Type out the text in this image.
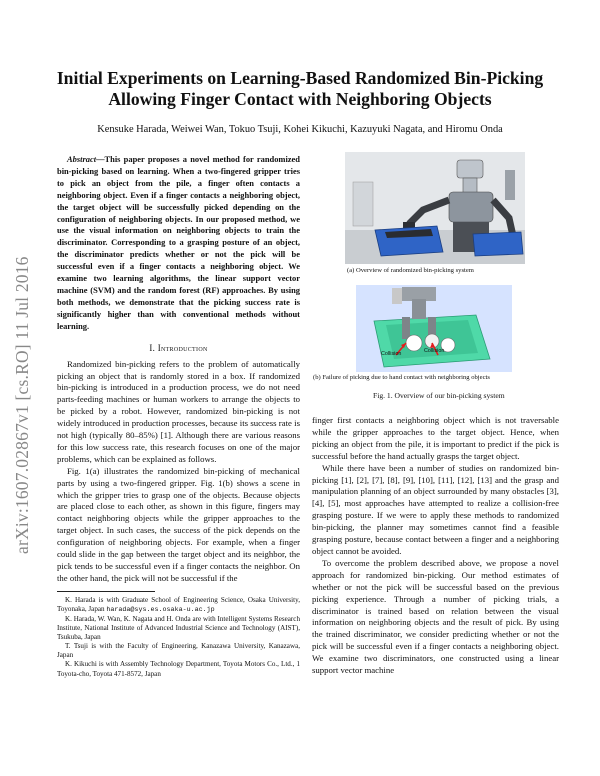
arXiv:1607.02867v1 [cs.RO] 11 Jul 2016
Initial Experiments on Learning-Based Randomized Bin-Picking
Allowing Finger Contact with Neighboring Objects
Kensuke Harada, Weiwei Wan, Tokuo Tsuji, Kohei Kikuchi, Kazuyuki Nagata, and Hiromu Onda

Abstract—This paper proposes a novel method for randomized bin-picking based on learning. When a two-fingered gripper tries to pick an object from the pile, a finger often contacts a neighboring object. Even if a finger contacts a neighboring object, the target object will be successfully picked depending on the configuration of neighboring objects. In our proposed method, we use the visual information on neighboring objects to train the discriminator. Corresponding to a grasping posture of an object, the discriminator predicts whether or not the pick will be successful even if a finger contacts a neighboring object. We examine two learning algorithms, the linear support vector machine (SVM) and the random forest (RF) approaches. By using both methods, we demonstrate that the picking success rate is significantly higher than with conventional methods without learning.

I. Introduction

Randomized bin-picking refers to the problem of automatically picking an object that is randomly stored in a box. If randomized bin-picking is introduced in a production process, we do not need parts-feeding machines or human workers to arrange the objects to be picked by a robot. However, randomized bin-picking is not widely introduced in production processes, because its success rate is not high (typically 80–85%) [1]. Although there are various reasons for this low success rate, this research focuses on one of the major problems, which can be explained as follows.

Fig. 1(a) illustrates the randomized bin-picking of mechanical parts by using a two-fingered gripper. Fig. 1(b) shows a scene in which the gripper tries to grasp one of the objects. Because objects are placed close to each other, as shown in this figure, fingers may contact neighboring objects while the gripper approaches to the target object. In such cases, the success of the pick depends on the configuration of neighboring objects. For example, when a finger could slide in the gap between the target object and its neighbor, the pick tends to be successful even if a finger contacts the neighbor. On the other hand, the pick will not be successful if the

K. Harada is with Graduate School of Engineering Science, Osaka University, Toyonaka, Japan harada@sys.es.osaka-u.ac.jp

K. Harada, W. Wan, K. Nagata and H. Onda are with Intelligent Systems Research Institute, National Institute of Advanced Industrial Science and Technology (AIST), Tsukuba, Japan

T. Tsuji is with the Faculty of Engineering, Kanazawa University, Kanazawa, Japan

K. Kikuchi is with Assembly Technology Department, Toyota Motors Co., Ltd., 1 Toyota-cho, Toyota 471-8572, Japan

(a) Overview of randomized bin-picking system
Collision	Collision
(b) Failure of picking due to hand contact with neighboring objects
Fig. 1. Overview of our bin-picking system

finger first contacts a neighboring object which is not traversable while the gripper approaches to the target object. Hence, when picking an object from the pile, it is important to predict if the pick is successful before the hand actually grasps the target object.

While there have been a number of studies on randomized bin-picking [1], [2], [7], [8], [9], [10], [11], [12], [13] and the grasp and manipulation planning of an object surrounded by many obstacles [3], [4], [5], most approaches have attempted to realize a collision-free grasping posture. If we were to apply these methods to randomized bin-picking, the planner may sometimes cannot find a feasible grasping posture, because contact between a finger and a neighboring object cannot be avoided.

To overcome the problem described above, we propose a novel approach for randomized bin-picking. Our method estimates of whether or not the pick will be successful based on the previous picking experience. Through a number of picking trials, a discriminator is trained based on relation between the visual information on neighboring objects and the result of pick. By using the trained discriminator, we consider predicting whether or not the pick will be successful even if a finger contacts a neighboring object. We examine two discriminators, one constructed using a linear support vector machine
